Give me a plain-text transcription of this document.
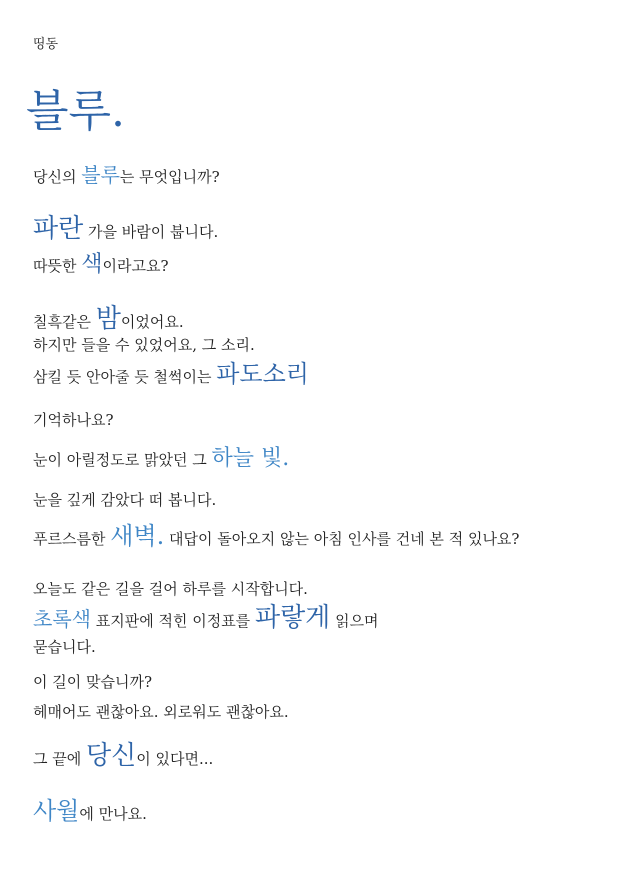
띵동
블루.
당신의 블루는 무엇입니까?
파란 가을 바람이 붑니다.
따뜻한 색이라고요?
칠흑같은 밤이었어요.
하지만 들을 수 있었어요, 그 소리.
삼킬 듯 안아줄 듯 철썩이는 파도소리
기억하나요?
눈이 아릴정도로 맑았던 그 하늘 빛.
눈을 깊게 감았다 떠 봅니다.
푸르스름한 새벽. 대답이 돌아오지 않는 아침 인사를 건네 본 적 있나요?
오늘도 같은 길을 걸어 하루를 시작합니다.
초록색 표지판에 적힌 이정표를 파랗게 읽으며
묻습니다.
이 길이 맞습니까?
헤매어도 괜찮아요. 외로워도 괜찮아요.
그 끝에 당신이 있다면...
사월에 만나요.
